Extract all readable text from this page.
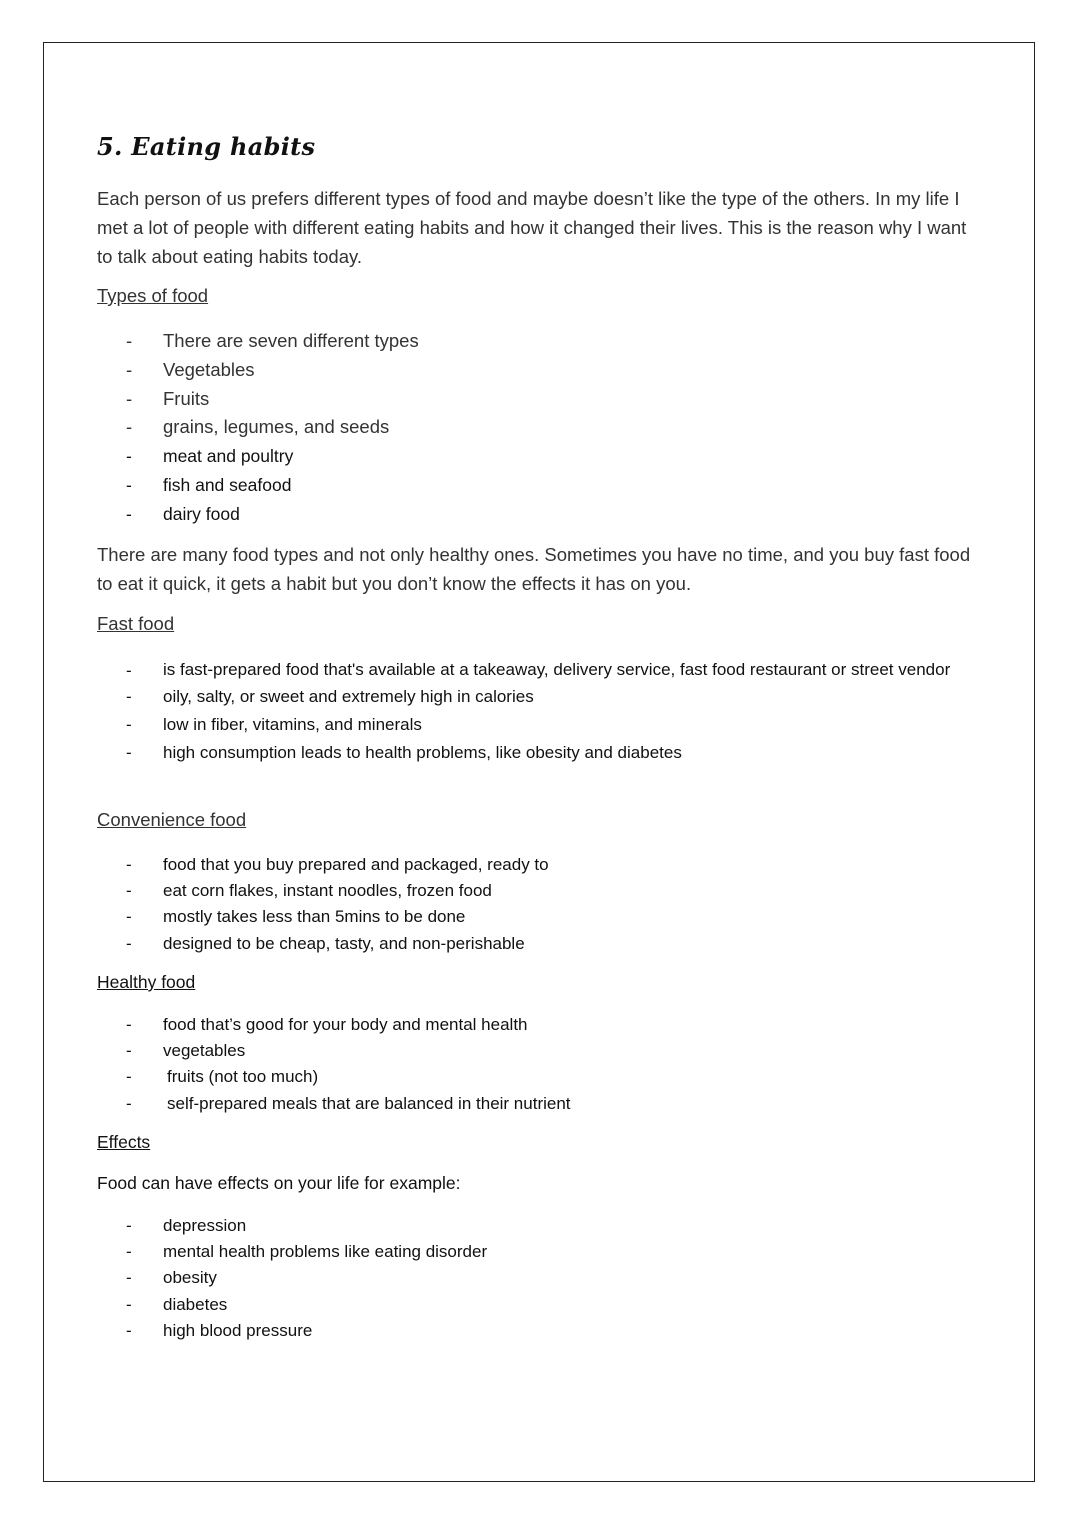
5. Eating habits
Each person of us prefers different types of food and maybe doesn’t like the type of the others. In my life I met a lot of people with different eating habits and how it changed their lives. This is the reason why I want to talk about eating habits today.
Types of food
- There are seven different types
- Vegetables
- Fruits
- grains, legumes, and seeds
- meat and poultry
- fish and seafood
- dairy food
There are many food types and not only healthy ones. Sometimes you have no time, and you buy fast food to eat it quick, it gets a habit but you don’t know the effects it has on you.
Fast food
- is fast-prepared food that's available at a takeaway, delivery service, fast food restaurant or street vendor
- oily, salty, or sweet and extremely high in calories
- low in fiber, vitamins, and minerals
- high consumption leads to health problems, like obesity and diabetes
Convenience food
- food that you buy prepared and packaged, ready to
- eat corn flakes, instant noodles, frozen food
- mostly takes less than 5mins to be done
- designed to be cheap, tasty, and non-perishable
Healthy food
- food that’s good for your body and mental health
- vegetables
- fruits (not too much)
- self-prepared meals that are balanced in their nutrient
Effects
Food can have effects on your life for example:
- depression
- mental health problems like eating disorder
- obesity
- diabetes
- high blood pressure
